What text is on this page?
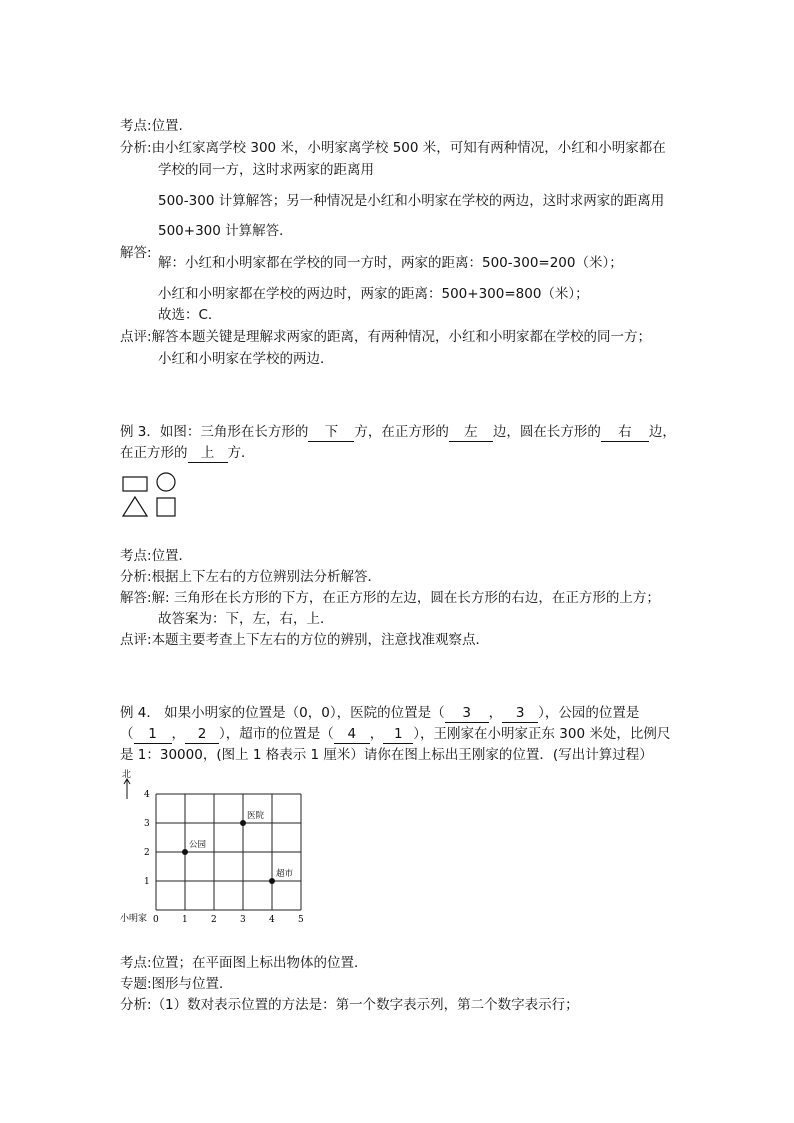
考点:位置.
分析:由小红家离学校 300 米，小明家离学校 500 米，可知有两种情况，小红和小明家都在
学校的同一方，这时求两家的距离用
500-300 计算解答；另一种情况是小红和小明家在学校的两边，这时求两家的距离用
500+300 计算解答．
解答:
解：小红和小明家都在学校的同一方时，两家的距离：500-300=200（米）；
小红和小明家都在学校的两边时，两家的距离：500+300=800（米）；
故选：C．
点评:解答本题关键是理解求两家的距离，有两种情况，小红和小明家都在学校的同一方；
小红和小明家在学校的两边．
例 3．如图：三角形在长方形的 下 方，在正方形的 左 边，圆在长方形的 右 边，
在正方形的 上 方．
考点:位置．
分析:根据上下左右的方位辨别法分析解答．
解答:解: 三角形在长方形的下方，在正方形的左边，圆在长方形的右边，在正方形的上方；
故答案为：下，左，右，上．
点评:本题主要考查上下左右的方位的辨别，注意找准观察点．
例 4． 如果小明家的位置是（0，0），医院的位置是（ 3 ， 3 ），公园的位置是
（ 1 ， 2 ），超市的位置是（ 4 ， 1 ），王刚家在小明家正东 300 米处，比例尺
是 1：30000，(图上 1 格表示 1 厘米）请你在图上标出王刚家的位置．(写出计算过程）
北
0	1	2	3	4	5
1
2
3
4
公园
医院
超市
小明家
考点:位置；在平面图上标出物体的位置．
专题:图形与位置．
分析:（1）数对表示位置的方法是：第一个数字表示列，第二个数字表示行；
